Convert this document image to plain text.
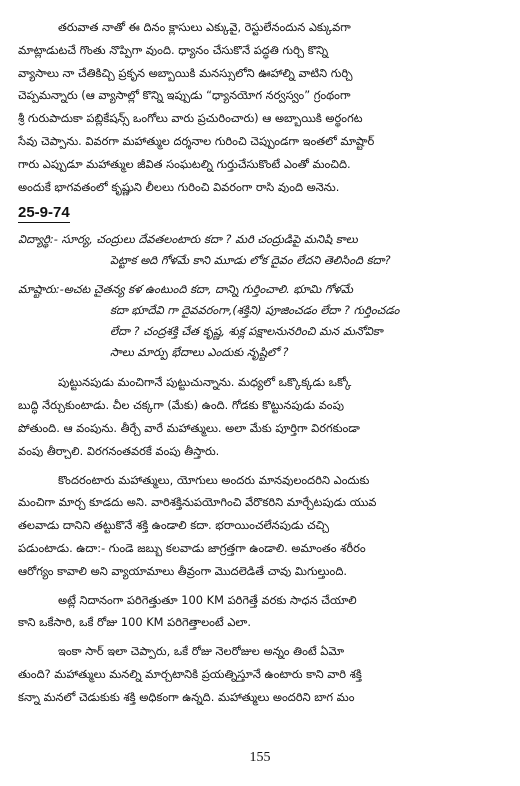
తరువాత నాతో ఈ దినం క్లాసులు ఎక్కువై, రెస్టులేనందున ఎక్కువగా
మాట్లాడుటచే గొంతు నొప్పిగా వుంది. ధ్యానం చేసుకొనే పద్ధతి గుర్చి కొన్ని
వ్యాసాలు నా చేతికిచ్చి ప్రకృన అబ్బాయికి మనస్సులోని ఊహాల్ని వాటిని గుర్చి
చెప్పమన్నారు (ఆ వ్యాసాల్లో కొన్ని ఇప్పుడు “ధ్యానయోగ నర్వస్వం” గ్రంథంగా
శ్రీ గురుపాదుకా పబ్లికేషన్స్ ఒంగోలు వారు ప్రచురించారు) ఆ అబ్బాయికి అర్థంగట
సేవు చెప్పాను. వివరగా మహాత్ముల దర్శనాల గురించి చెప్పుండగా ఇంతలో మాష్టార్
గారు ఎప్పుడూ మహాత్ముల జీవిత సంఘటల్ని గుర్తుచేసుకొంటే ఎంతో మంచిది.
అందుకే భాగవతంలో కృష్ణుని లీలలు గురించి వివరంగా రాసి వుంది అనెను.
25-9-74
విద్యార్థి:- సూర్య, చంద్రులు దేవతలంటారు కదా ? మరి చంద్రుడిపై మనిషి కాలు
పెట్టాక అది గోళమే కాని మూడు లోక దైవం లేదని తెలిసింది కదా?
మాష్టారు:-అచట చైతన్య కళ ఉంటుంది కదా, దాన్ని గుర్తించాలి. భూమి గోళమే
కదా భూదేవి గా దైవవరంగా,(శక్తిని) పూజించడం లేదా ? గుర్తించడం
లేదా ? చంద్రశక్తి చేత కృష్ణ, శుక్ల పక్షాలనునరించి మన మనోవికా
సాలు మార్పు భేదాలు ఎందుకు నృష్టిలో ?
పుట్టునపుడు మంచిగానే పుట్టుచున్నాను. మధ్యలో ఒక్కొక్కడు ఒక్కో
బుద్ధి నేర్చుకుంటాడు. చీల చక్కగా (మేకు) ఉంది. గోడకు కొట్టునపుడు వంపు
పోతుంది. ఆ వంపును. తీర్చే వారే మహాత్ములు. అలా మేకు పూర్తిగా విరగకుండా
వంపు తీర్చాలి. విరగనంతవరకే వంపు తీస్తారు.
కొందరంటారు మహాత్ములు, యోగులు అందరు మానవులందరిని ఎందుకు
మంచిగా మార్చ కూడదు అని. వారిశక్తినుపయోగించి వేరొకరిని మార్చేటపుడు యువ
తలవాడు దానిని తట్టుకొనే శక్తి ఉండాలి కదా. భరాయించలేనపుడు చచ్చి
పడుంటాడు. ఉదా:- గుండె జబ్బు కలవాడు జాగ్రత్తగా ఉండాలి. అమాంతం శరీరం
ఆరోగ్యం కావాలి అని వ్యాయామాలు తీవ్రంగా మొదలెడితే చావు మిగుల్తుంది.
అట్లే నిదానంగా పరిగెత్తుతూ 100 KM పరిగెత్తే వరకు సాధన చేయాలి
కాని ఒకేసారి, ఒకే రోజు 100 KM పరిగెత్తాలంటే ఎలా.
ఇంకా సార్ ఇలా చెప్పారు, ఒకే రోజు నెలరోజుల అన్నం తింటే ఏమో
తుంది? మహాత్ములు మనల్ని మార్చటానికి ప్రయత్నిస్తూనే ఉంటారు కాని వారి శక్తి
కన్నా మనలో చెడుకుకు శక్తి అధికంగా ఉన్నది. మహాత్ములు అందరిని బాగ మం
155
